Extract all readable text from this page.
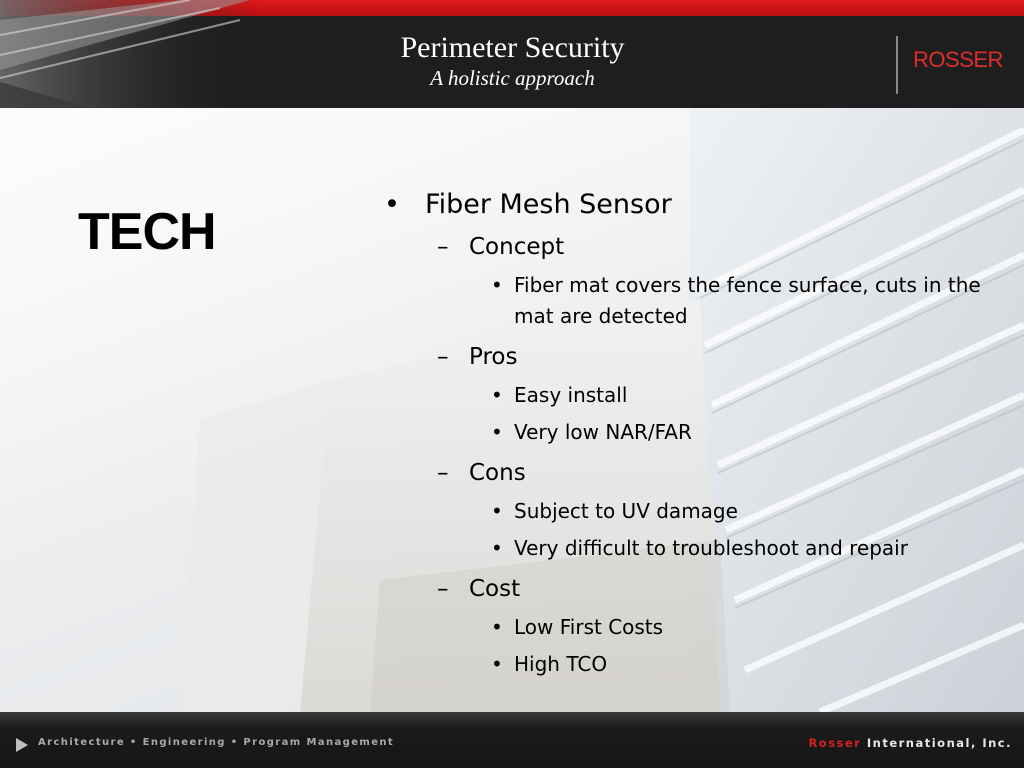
Perimeter Security
A holistic approach
ROSSER
TECH
•	Fiber Mesh Sensor
– Concept
• Fiber mat covers the fence surface, cuts in the mat are detected
– Pros
• Easy install
• Very low NAR/FAR
– Cons
• Subject to UV damage
• Very difficult to troubleshoot and repair
– Cost
• Low First Costs
• High TCO
Architecture • Engineering • Program Management	Rosser International, Inc.
